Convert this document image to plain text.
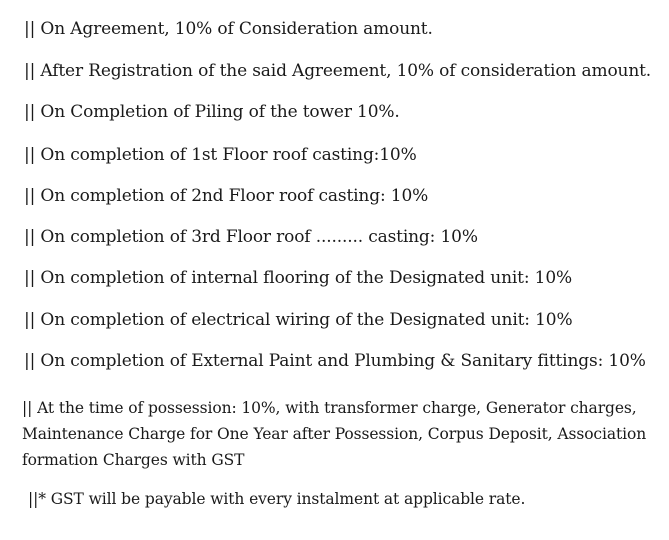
|| On Agreement, 10% of Consideration amount.
|| After Registration of the said Agreement, 10% of consideration amount.
|| On Completion of Piling of the tower 10%.
|| On completion of 1st Floor roof casting:10%
|| On completion of 2nd Floor roof casting: 10%
|| On completion of 3rd Floor roof ......... casting: 10%
|| On completion of internal flooring of the Designated unit: 10%
|| On completion of electrical wiring of the Designated unit: 10%
|| On completion of External Paint and Plumbing & Sanitary fittings: 10%
|| At the time of possession: 10%, with transformer charge, Generator charges,
Maintenance Charge for One Year after Possession, Corpus Deposit, Association
formation Charges with GST
||* GST will be payable with every instalment at applicable rate.
